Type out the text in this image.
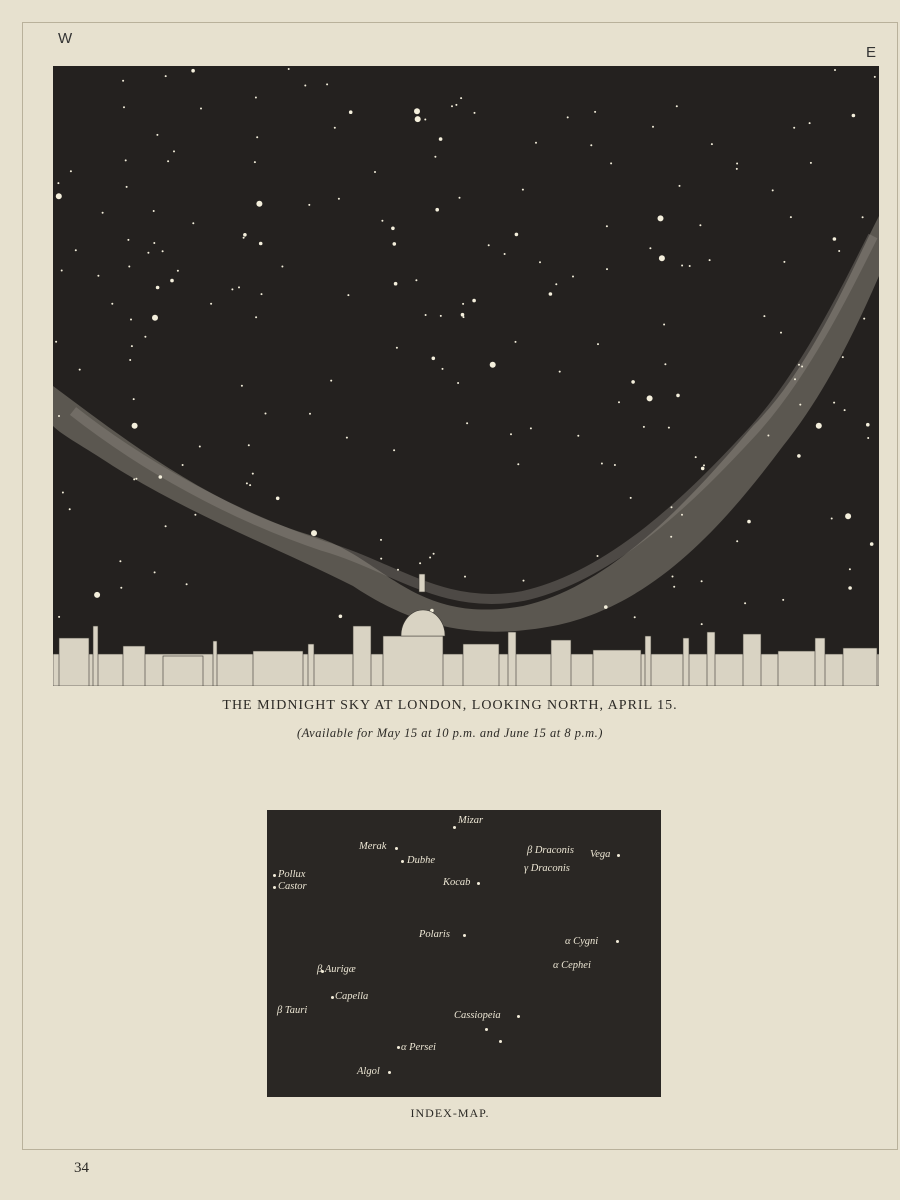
W
E
THE MIDNIGHT SKY AT LONDON, LOOKING NORTH, APRIL 15.
(Available for May 15 at 10 p.m. and June 15 at 8 p.m.)
Mizar
Merak
Dubhe
β Draconis Vega
γ Draconis
Pollux
Castor	Kocab
Polaris
α Cygni
α Cephei
β Aurigæ
Capella
β Tauri	Cassiopeia
α Persei
Algol
INDEX-MAP.
34
